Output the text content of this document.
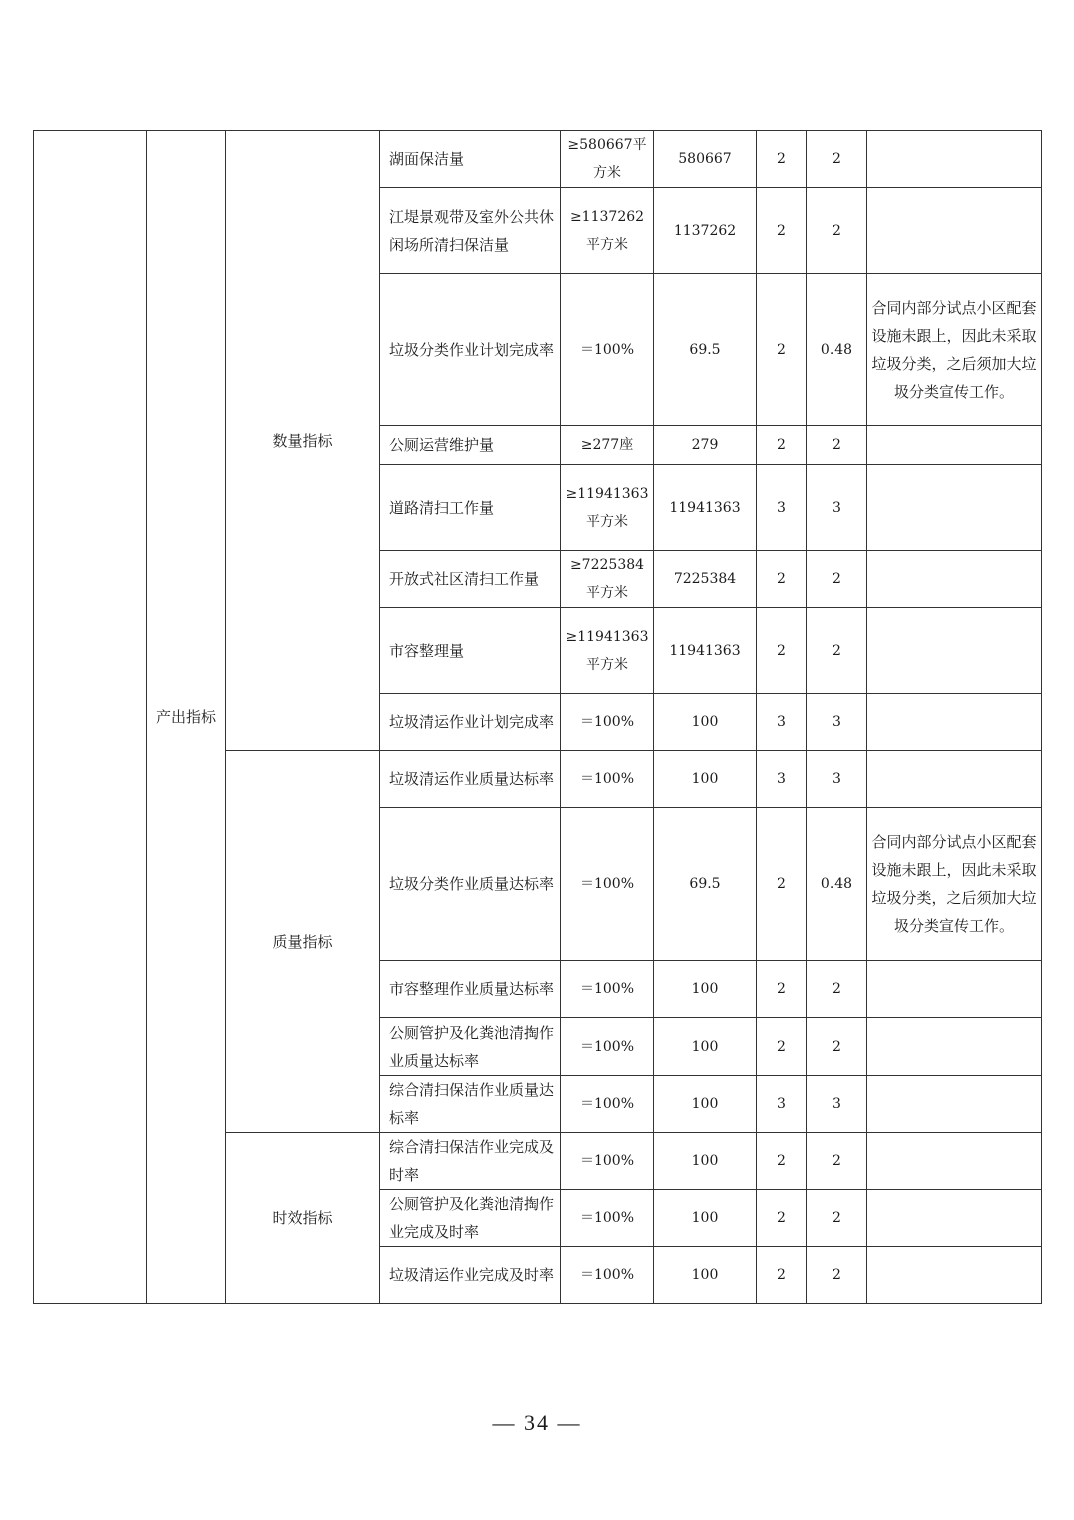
	产出指标	数量指标	湖面保洁量	≥580667平方米	580667	2	2	
			江堤景观带及室外公共休闲场所清扫保洁量	≥1137262平方米	1137262	2	2	
			垃圾分类作业计划完成率	＝100%	69.5	2	0.48	合同内部分试点小区配套设施未跟上，因此未采取垃圾分类，之后须加大垃圾分类宣传工作。
			公厕运营维护量	≥277座	279	2	2	
			道路清扫工作量	≥11941363平方米	11941363	3	3	
			开放式社区清扫工作量	≥7225384平方米	7225384	2	2	
			市容整理量	≥11941363平方米	11941363	2	2	
			垃圾清运作业计划完成率	＝100%	100	3	3	
		质量指标	垃圾清运作业质量达标率	＝100%	100	3	3	
			垃圾分类作业质量达标率	＝100%	69.5	2	0.48	合同内部分试点小区配套设施未跟上，因此未采取垃圾分类，之后须加大垃圾分类宣传工作。
			市容整理作业质量达标率	＝100%	100	2	2	
			公厕管护及化粪池清掏作业质量达标率	＝100%	100	2	2	
			综合清扫保洁作业质量达标率	＝100%	100	3	3	
		时效指标	综合清扫保洁作业完成及时率	＝100%	100	2	2	
			公厕管护及化粪池清掏作业完成及时率	＝100%	100	2	2	
			垃圾清运作业完成及时率	＝100%	100	2	2	
— 34 —
